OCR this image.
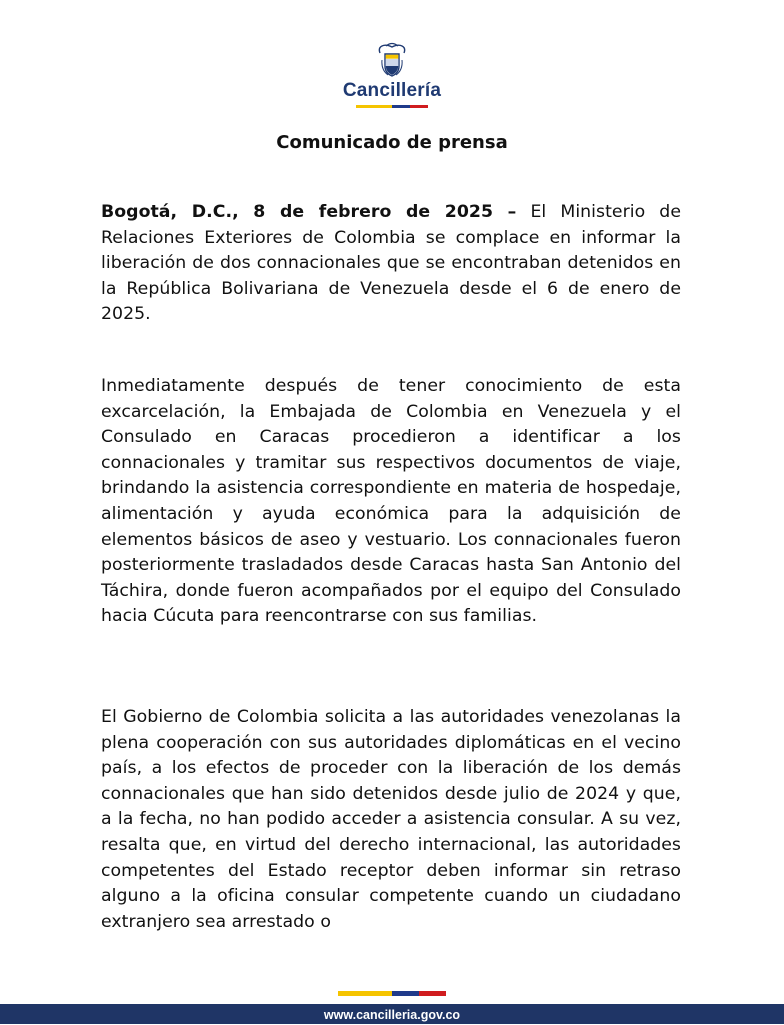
Cancillería
Comunicado de prensa

Bogotá, D.C., 8 de febrero de 2025 – El Ministerio de Relaciones Exteriores de Colombia se complace en informar la liberación de dos connacionales que se encontraban detenidos en la República Bolivariana de Venezuela desde el 6 de enero de 2025.

Inmediatamente después de tener conocimiento de esta excarcelación, la Embajada de Colombia en Venezuela y el Consulado en Caracas procedieron a identificar a los connacionales y tramitar sus respectivos documentos de viaje, brindando la asistencia correspondiente en materia de hospedaje, alimentación y ayuda económica para la adquisición de elementos básicos de aseo y vestuario. Los connacionales fueron posteriormente trasladados desde Caracas hasta San Antonio del Táchira, donde fueron acompañados por el equipo del Consulado hacia Cúcuta para reencontrarse con sus familias.

El Gobierno de Colombia solicita a las autoridades venezolanas la plena cooperación con sus autoridades diplomáticas en el vecino país, a los efectos de proceder con la liberación de los demás connacionales que han sido detenidos desde julio de 2024 y que, a la fecha, no han podido acceder a asistencia consular. A su vez, resalta que, en virtud del derecho internacional, las autoridades competentes del Estado receptor deben informar sin retraso alguno a la oficina consular competente cuando un ciudadano extranjero sea arrestado o

www.cancilleria.gov.co
